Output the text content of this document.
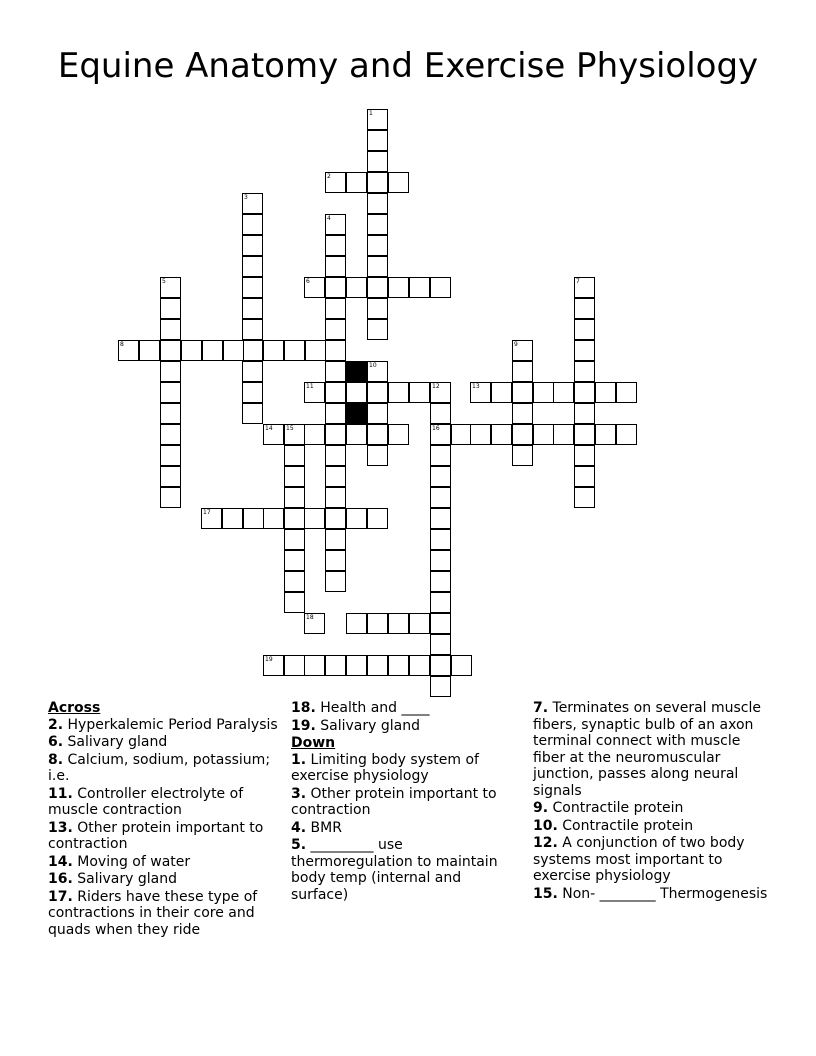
Equine Anatomy and Exercise Physiology
1
2
3
4
5	6	7
8	9
10
11	12	13
14 15	16
17
18
19
Across
2. Hyperkalemic Period Paralysis
6. Salivary gland
8. Calcium, sodium, potassium; i.e.
11. Controller electrolyte of muscle contraction
13. Other protein important to contraction
14. Moving of water
16. Salivary gland
17. Riders have these type of contractions in their core and quads when they ride
18. Health and ____
19. Salivary gland
Down
1. Limiting body system of exercise physiology
3. Other protein important to contraction
4. BMR
5. _________ use thermoregulation to maintain body temp (internal and surface)
7. Terminates on several muscle fibers, synaptic bulb of an axon terminal connect with muscle fiber at the neuromuscular junction, passes along neural signals
9. Contractile protein
10. Contractile protein
12. A conjunction of two body systems most important to exercise physiology
15. Non- ________ Thermogenesis
